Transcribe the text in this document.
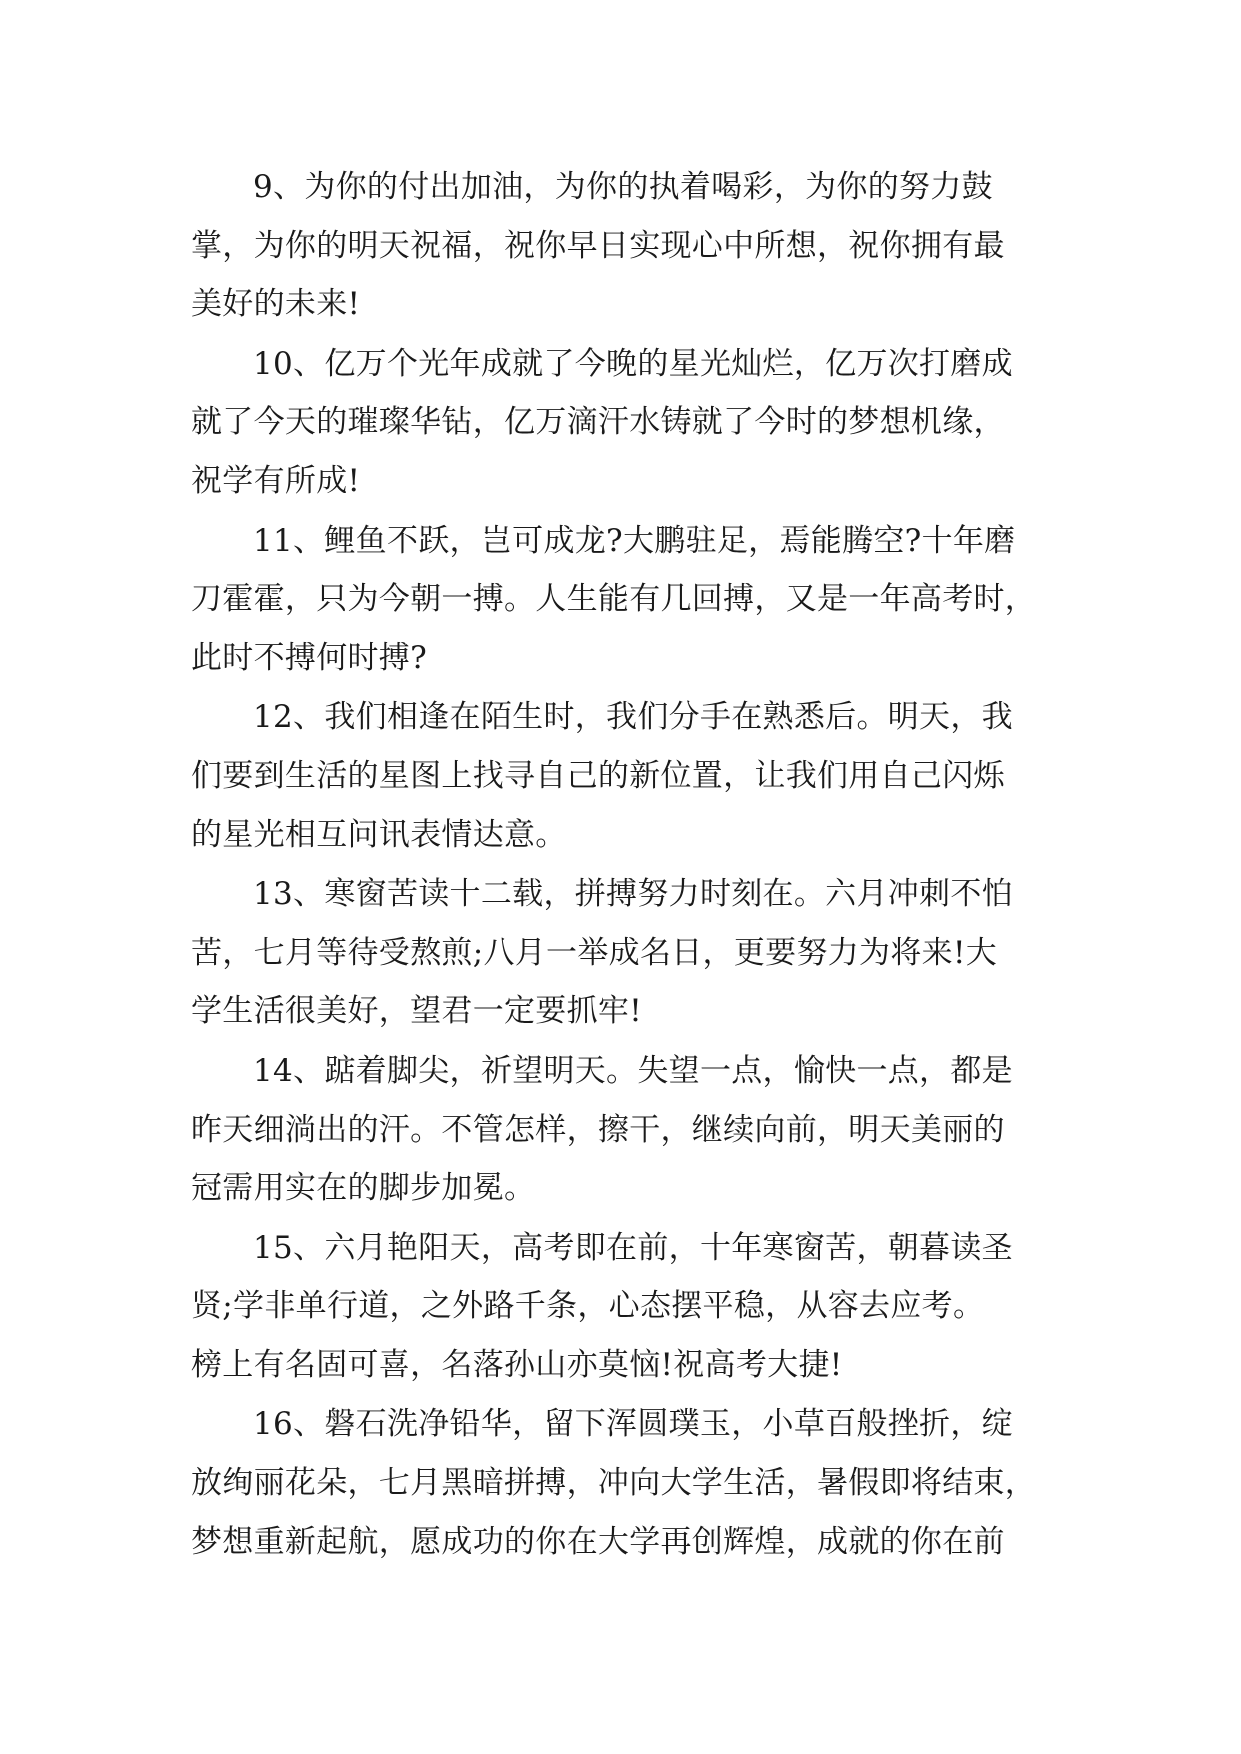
9、为你的付出加油，为你的执着喝彩，为你的努力鼓
掌，为你的明天祝福，祝你早日实现心中所想，祝你拥有最
美好的未来!

10、亿万个光年成就了今晚的星光灿烂，亿万次打磨成
就了今天的璀璨华钻，亿万滴汗水铸就了今时的梦想机缘，
祝学有所成!

11、鲤鱼不跃，岂可成龙?大鹏驻足，焉能腾空?十年磨
刀霍霍，只为今朝一搏。人生能有几回搏，又是一年高考时，
此时不搏何时搏?

12、我们相逢在陌生时，我们分手在熟悉后。明天，我
们要到生活的星图上找寻自己的新位置，让我们用自己闪烁
的星光相互问讯表情达意。

13、寒窗苦读十二载，拼搏努力时刻在。六月冲刺不怕
苦，七月等待受熬煎;八月一举成名日，更要努力为将来!大
学生活很美好，望君一定要抓牢!

14、踮着脚尖，祈望明天。失望一点，愉快一点，都是
昨天细淌出的汗。不管怎样，擦干，继续向前，明天美丽的
冠需用实在的脚步加冕。

15、六月艳阳天，高考即在前，十年寒窗苦，朝暮读圣
贤;学非单行道，之外路千条，心态摆平稳，从容去应考。
榜上有名固可喜，名落孙山亦莫恼!祝高考大捷!

16、磐石洗净铅华，留下浑圆璞玉，小草百般挫折，绽
放绚丽花朵，七月黑暗拼搏，冲向大学生活，暑假即将结束，
梦想重新起航，愿成功的你在大学再创辉煌，成就的你在前
